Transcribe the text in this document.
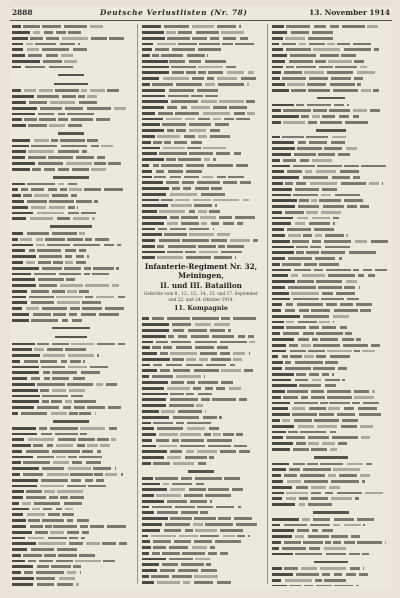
2888	Deutsche Verlustlisten (Nr. 78)	13. November 1914
Infanterie-Regiment Nr. 32, Meiningen,
II. und III. Bataillon
Gefechte vom 8., 12., 13., 14., 15. und 17. September und 22. und 24. Oktober 1914.
11. Kompagnie
